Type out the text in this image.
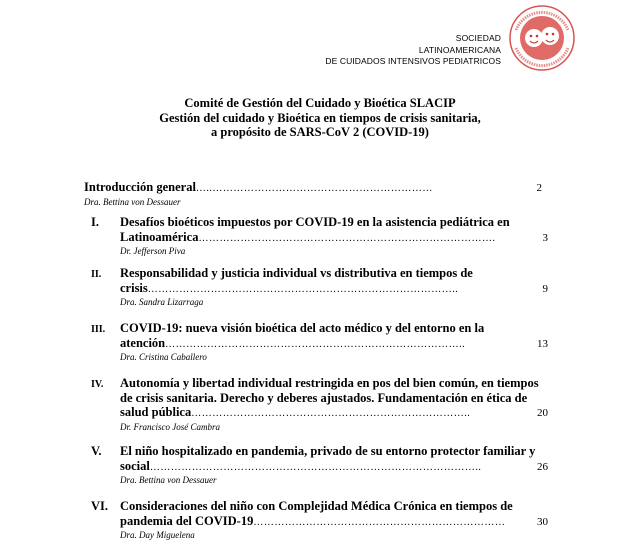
SOCIEDAD
LATINOAMERICANA
DE CUIDADOS INTENSIVOS PEDIATRICOS
Comité de Gestión del Cuidado y Bioética SLACIP
Gestión del cuidado y Bioética en tiempos de crisis sanitaria,
a propósito de SARS-CoV 2 (COVID-19)
Introducción general …..………………………………………………………	2
Dra. Bettina von Dessauer
I. Desafíos bioéticos impuestos por COVID-19 en la asistencia pediátrica en
Latinoamérica ………………………………………………………………………….	3
Dr. Jefferson Piva
II. Responsabilidad y justicia individual vs distributiva en tiempos de
crisis ……………………………………………………………………………..	9
Dra. Sandra Lizarraga
III. COVID-19: nueva visión bioética del acto médico y del entorno en la
atención …………………………………………………………………………..	13
Dra. Cristina Caballero
IV. Autonomía y libertad individual restringida en pos del bien común, en tiempos
de crisis sanitaria. Derecho y deberes ajustados. Fundamentación en ética de
salud pública ……………………………………………………………………..	20
Dr. Francisco José Cambra
V. El niño hospitalizado en pandemia, privado de su entorno protector familiar y
social …………………………………………………………………………………..	26
Dra. Bettina von Dessauer
VI. Consideraciones del niño con Complejidad Médica Crónica en tiempos de
pandemia del COVID-19 ………………………………………………………………	30
Dra. Day Miguelena
